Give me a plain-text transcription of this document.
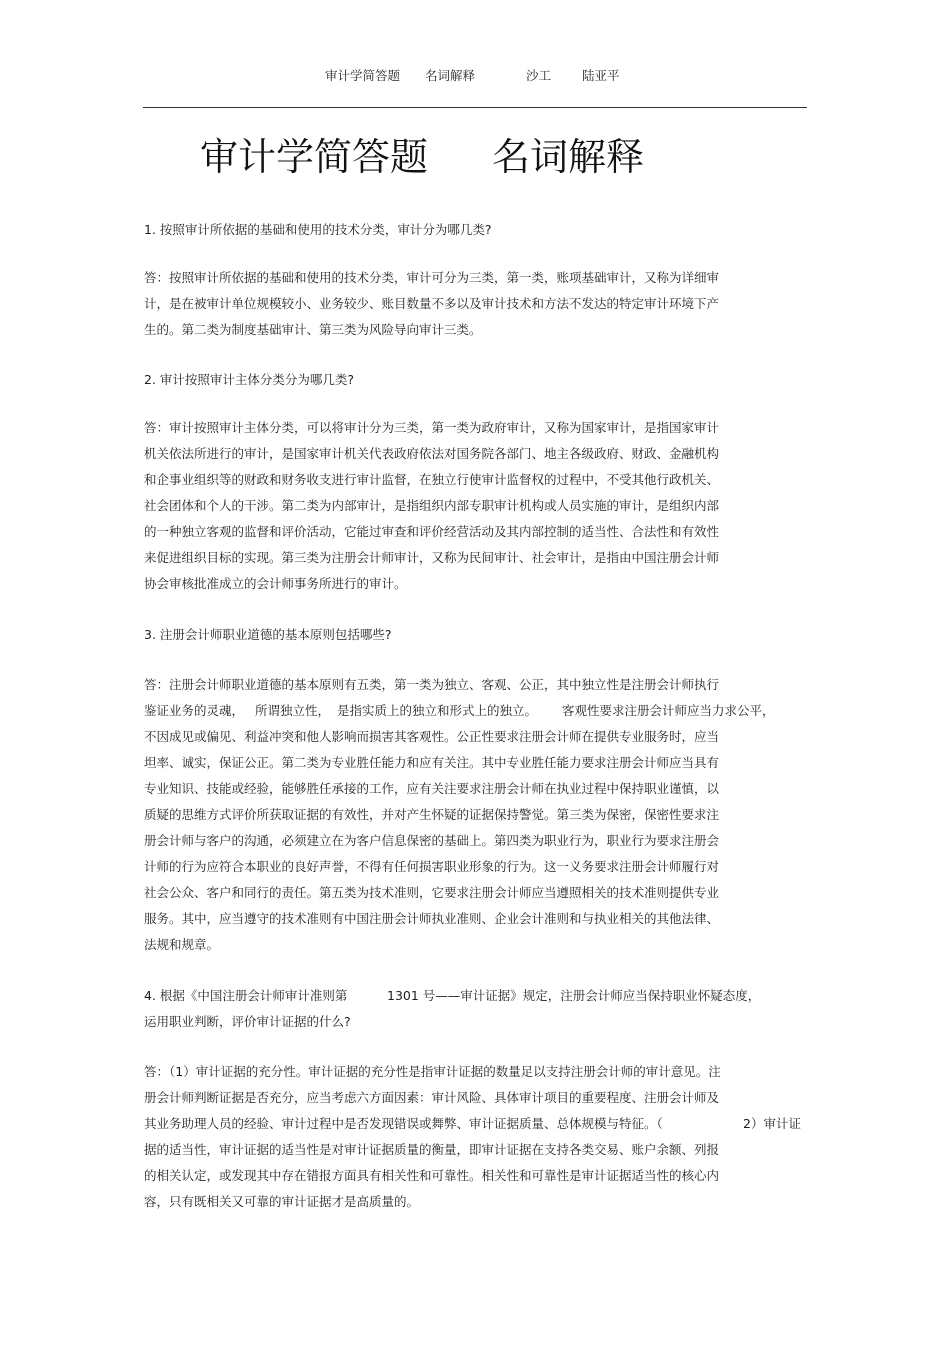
审计学简答题 名词解释	沙工 陆亚平
审计学简答题 名词解释
1. 按照审计所依据的基础和使用的技术分类，审计分为哪几类?
答：按照审计所依据的基础和使用的技术分类，审计可分为三类，第一类，账项基础审计，又称为详细审
计，是在被审计单位规模较小、业务较少、账目数量不多以及审计技术和方法不发达的特定审计环境下产
生的。第二类为制度基础审计、第三类为风险导向审计三类。
2. 审计按照审计主体分类分为哪几类?
答：审计按照审计主体分类，可以将审计分为三类，第一类为政府审计，又称为国家审计，是指国家审计
机关依法所进行的审计，是国家审计机关代表政府依法对国务院各部门、地主各级政府、财政、金融机构
和企事业组织等的财政和财务收支进行审计监督，在独立行使审计监督权的过程中，不受其他行政机关、
社会团体和个人的干涉。第二类为内部审计，是指组织内部专职审计机构或人员实施的审计，是组织内部
的一种独立客观的监督和评价活动，它能过审查和评价经营活动及其内部控制的适当性、合法性和有效性
来促进组织目标的实现。第三类为注册会计师审计，又称为民间审计、社会审计，是指由中国注册会计师
协会审核批准成立的会计师事务所进行的审计。
3. 注册会计师职业道德的基本原则包括哪些?
答：注册会计师职业道德的基本原则有五类，第一类为独立、客观、公正，其中独立性是注册会计师执行
鉴证业务的灵魂， 所谓独立性， 是指实质上的独立和形式上的独立。 客观性要求注册会计师应当力求公平，
不因成见或偏见、利益冲突和他人影响而损害其客观性。公正性要求注册会计师在提供专业服务时，应当
坦率、诚实，保证公正。第二类为专业胜任能力和应有关注。其中专业胜任能力要求注册会计师应当具有
专业知识、技能或经验，能够胜任承接的工作，应有关注要求注册会计师在执业过程中保持职业谨慎，以
质疑的思维方式评价所获取证据的有效性，并对产生怀疑的证据保持警觉。第三类为保密，保密性要求注
册会计师与客户的沟通，必须建立在为客户信息保密的基础上。第四类为职业行为，职业行为要求注册会
计师的行为应符合本职业的良好声誉，不得有任何损害职业形象的行为。这一义务要求注册会计师履行对
社会公众、客户和同行的责任。第五类为技术准则，它要求注册会计师应当遵照相关的技术准则提供专业
服务。其中，应当遵守的技术准则有中国注册会计师执业准则、企业会计准则和与执业相关的其他法律、
法规和规章。
4. 根据《中国注册会计师审计准则第	1301 号——审计证据》规定，注册会计师应当保持职业怀疑态度，
运用职业判断，评价审计证据的什么?
答：（1）审计证据的充分性。审计证据的充分性是指审计证据的数量足以支持注册会计师的审计意见。注
册会计师判断证据是否充分，应当考虑六方面因素：审计风险、具体审计项目的重要程度、注册会计师及
其业务助理人员的经验、审计过程中是否发现错误或舞弊、审计证据质量、总体规模与特征。（	2）审计证
据的适当性，审计证据的适当性是对审计证据质量的衡量，即审计证据在支持各类交易、账户余额、列报
的相关认定，或发现其中存在错报方面具有相关性和可靠性。相关性和可靠性是审计证据适当性的核心内
容，只有既相关又可靠的审计证据才是高质量的。
